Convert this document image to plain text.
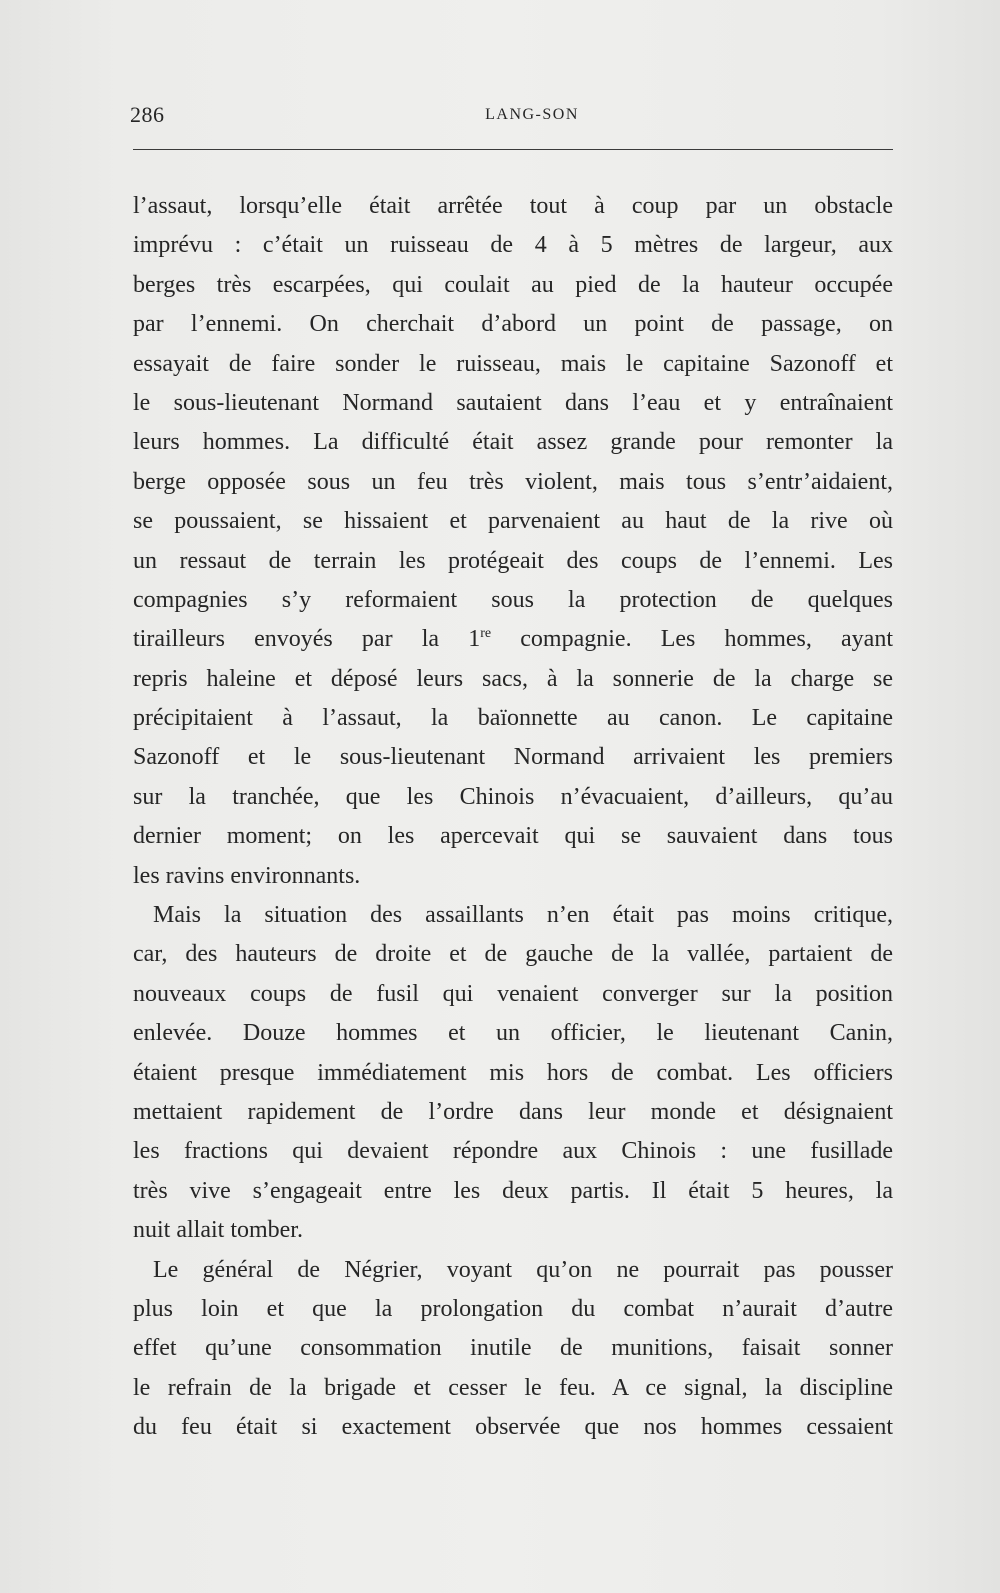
286	LANG-SON
l’assaut, lorsqu’elle était arrêtée tout à coup par un obstacle
imprévu : c’était un ruisseau de 4 à 5 mètres de largeur, aux
berges très escarpées, qui coulait au pied de la hauteur occupée
par l’ennemi. On cherchait d’abord un point de passage, on
essayait de faire sonder le ruisseau, mais le capitaine Sazonoff et
le sous-lieutenant Normand sautaient dans l’eau et y entraînaient
leurs hommes. La difficulté était assez grande pour remonter la
berge opposée sous un feu très violent, mais tous s’entr’aidaient,
se poussaient, se hissaient et parvenaient au haut de la rive où
un ressaut de terrain les protégeait des coups de l’ennemi. Les
compagnies s’y reformaient sous la protection de quelques
tirailleurs envoyés par la 1re compagnie. Les hommes, ayant
repris haleine et déposé leurs sacs, à la sonnerie de la charge se
précipitaient à l’assaut, la baïonnette au canon. Le capitaine
Sazonoff et le sous-lieutenant Normand arrivaient les premiers
sur la tranchée, que les Chinois n’évacuaient, d’ailleurs, qu’au
dernier moment; on les apercevait qui se sauvaient dans tous
les ravins environnants.
Mais la situation des assaillants n’en était pas moins critique,
car, des hauteurs de droite et de gauche de la vallée, partaient de
nouveaux coups de fusil qui venaient converger sur la position
enlevée. Douze hommes et un officier, le lieutenant Canin,
étaient presque immédiatement mis hors de combat. Les officiers
mettaient rapidement de l’ordre dans leur monde et désignaient
les fractions qui devaient répondre aux Chinois : une fusillade
très vive s’engageait entre les deux partis. Il était 5 heures, la
nuit allait tomber.
Le général de Négrier, voyant qu’on ne pourrait pas pousser
plus loin et que la prolongation du combat n’aurait d’autre
effet qu’une consommation inutile de munitions, faisait sonner
le refrain de la brigade et cesser le feu. A ce signal, la discipline
du feu était si exactement observée que nos hommes cessaient
